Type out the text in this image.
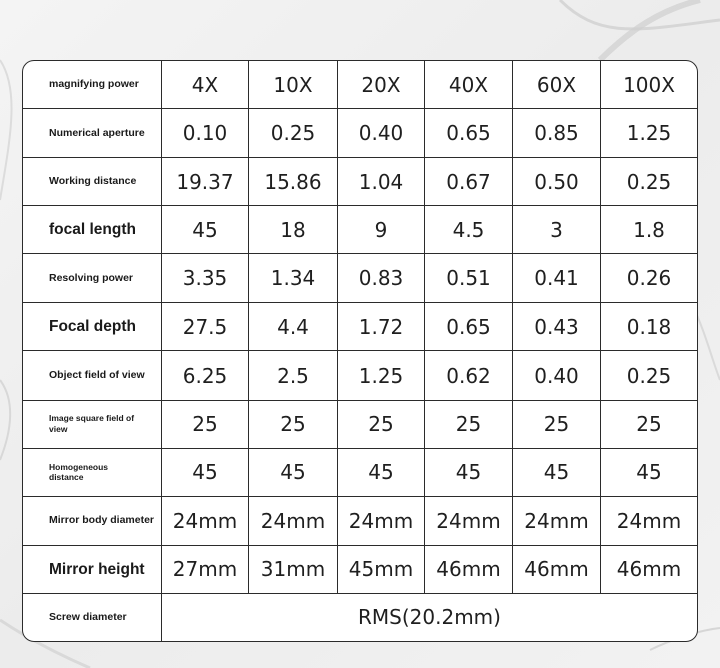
magnifying power	4X	10X	20X	40X	60X	100X
Numerical aperture	0.10	0.25	0.40	0.65	0.85	1.25
Working distance	19.37	15.86	1.04	0.67	0.50	0.25
focal length	45	18	9	4.5	3	1.8
Resolving power	3.35	1.34	0.83	0.51	0.41	0.26
Focal depth	27.5	4.4	1.72	0.65	0.43	0.18
Object field of view	6.25	2.5	1.25	0.62	0.40	0.25
Image square field of view	25	25	25	25	25	25
Homogeneous distance	45	45	45	45	45	45
Mirror body diameter	24mm	24mm	24mm	24mm	24mm	24mm
Mirror height	27mm	31mm	45mm	46mm	46mm	46mm
Screw diameter	RMS(20.2mm)					
